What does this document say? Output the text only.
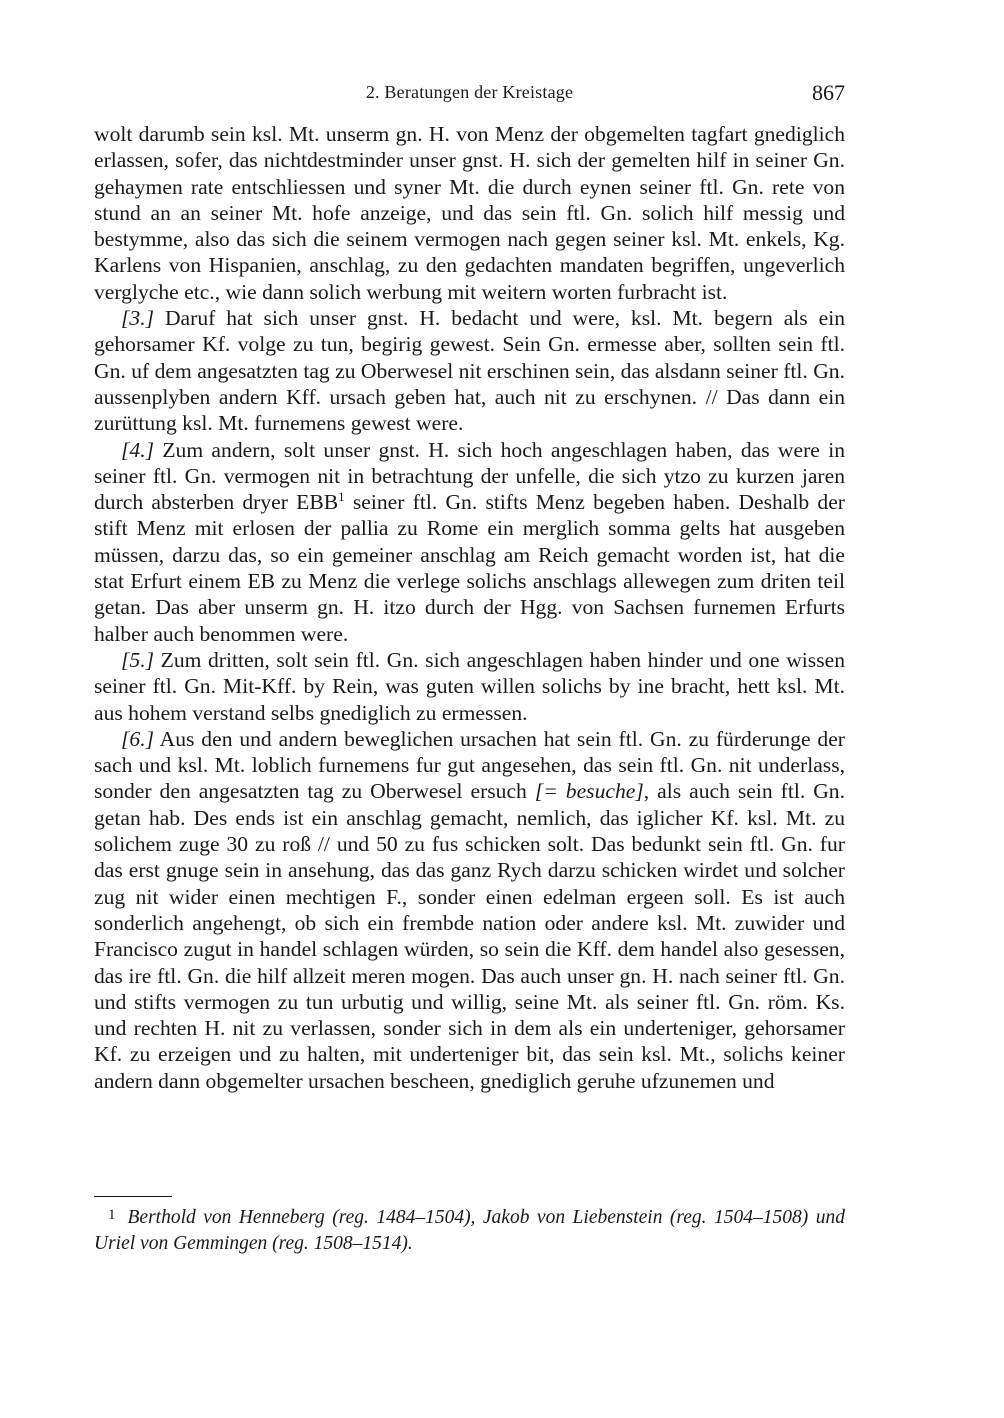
2. Beratungen der Kreistage	867

wolt darumb sein ksl. Mt. unserm gn. H. von Menz der obgemelten tagfart gnediglich erlassen, sofer, das nichtdestminder unser gnst. H. sich der gemelten hilf in seiner Gn. gehaymen rate entschliessen und syner Mt. die durch eynen seiner ftl. Gn. rete von stund an an seiner Mt. hofe anzeige, und das sein ftl. Gn. solich hilf messig und bestymme, also das sich die seinem vermogen nach gegen seiner ksl. Mt. enkels, Kg. Karlens von Hispanien, anschlag, zu den gedachten mandaten begriffen, ungeverlich verglyche etc., wie dann solich werbung mit weitern worten furbracht ist.

[3.] Daruf hat sich unser gnst. H. bedacht und were, ksl. Mt. begern als ein gehorsamer Kf. volge zu tun, begirig gewest. Sein Gn. ermesse aber, sollten sein ftl. Gn. uf dem angesatzten tag zu Oberwesel nit erschinen sein, das alsdann seiner ftl. Gn. aussenplyben andern Kff. ursach geben hat, auch nit zu erschynen. // Das dann ein zurüttung ksl. Mt. furnemens gewest were.

[4.] Zum andern, solt unser gnst. H. sich hoch angeschlagen haben, das were in seiner ftl. Gn. vermogen nit in betrachtung der unfelle, die sich ytzo zu kurzen jaren durch absterben dryer EBB$^1$ seiner ftl. Gn. stifts Menz begeben haben. Deshalb der stift Menz mit erlosen der pallia zu Rome ein merglich somma gelts hat ausgeben müssen, darzu das, so ein gemeiner anschlag am Reich gemacht worden ist, hat die stat Erfurt einem EB zu Menz die verlege solichs anschlags allewegen zum driten teil getan. Das aber unserm gn. H. itzo durch der Hgg. von Sachsen furnemen Erfurts halber auch benommen were.

[5.] Zum dritten, solt sein ftl. Gn. sich angeschlagen haben hinder und one wissen seiner ftl. Gn. Mit-Kff. by Rein, was guten willen solichs by ine bracht, hett ksl. Mt. aus hohem verstand selbs gnediglich zu ermessen.

[6.] Aus den und andern beweglichen ursachen hat sein ftl. Gn. zu fürderunge der sach und ksl. Mt. loblich furnemens fur gut angesehen, das sein ftl. Gn. nit underlass, sonder den angesatzten tag zu Oberwesel ersuch [= besuche], als auch sein ftl. Gn. getan hab. Des ends ist ein anschlag gemacht, nemlich, das iglicher Kf. ksl. Mt. zu solichem zuge 30 zu roß // und 50 zu fus schicken solt. Das bedunkt sein ftl. Gn. fur das erst gnuge sein in ansehung, das das ganz Rych darzu schicken wirdet und solcher zug nit wider einen mechtigen F., sonder einen edelman ergeen soll. Es ist auch sonderlich angehengt, ob sich ein frembde nation oder andere ksl. Mt. zuwider und Francisco zugut in handel schlagen würden, so sein die Kff. dem handel also gesessen, das ire ftl. Gn. die hilf allzeit meren mogen. Das auch unser gn. H. nach seiner ftl. Gn. und stifts vermogen zu tun urbutig und willig, seine Mt. als seiner ftl. Gn. röm. Ks. und rechten H. nit zu verlassen, sonder sich in dem als ein underteniger, gehorsamer Kf. zu erzeigen und zu halten, mit underteniger bit, das sein ksl. Mt., solichs keiner andern dann obgemelter ursachen bescheen, gnediglich geruhe ufzunemen und

$^1$ Berthold von Henneberg (reg. 1484–1504), Jakob von Liebenstein (reg. 1504–1508) und Uriel von Gemmingen (reg. 1508–1514).
